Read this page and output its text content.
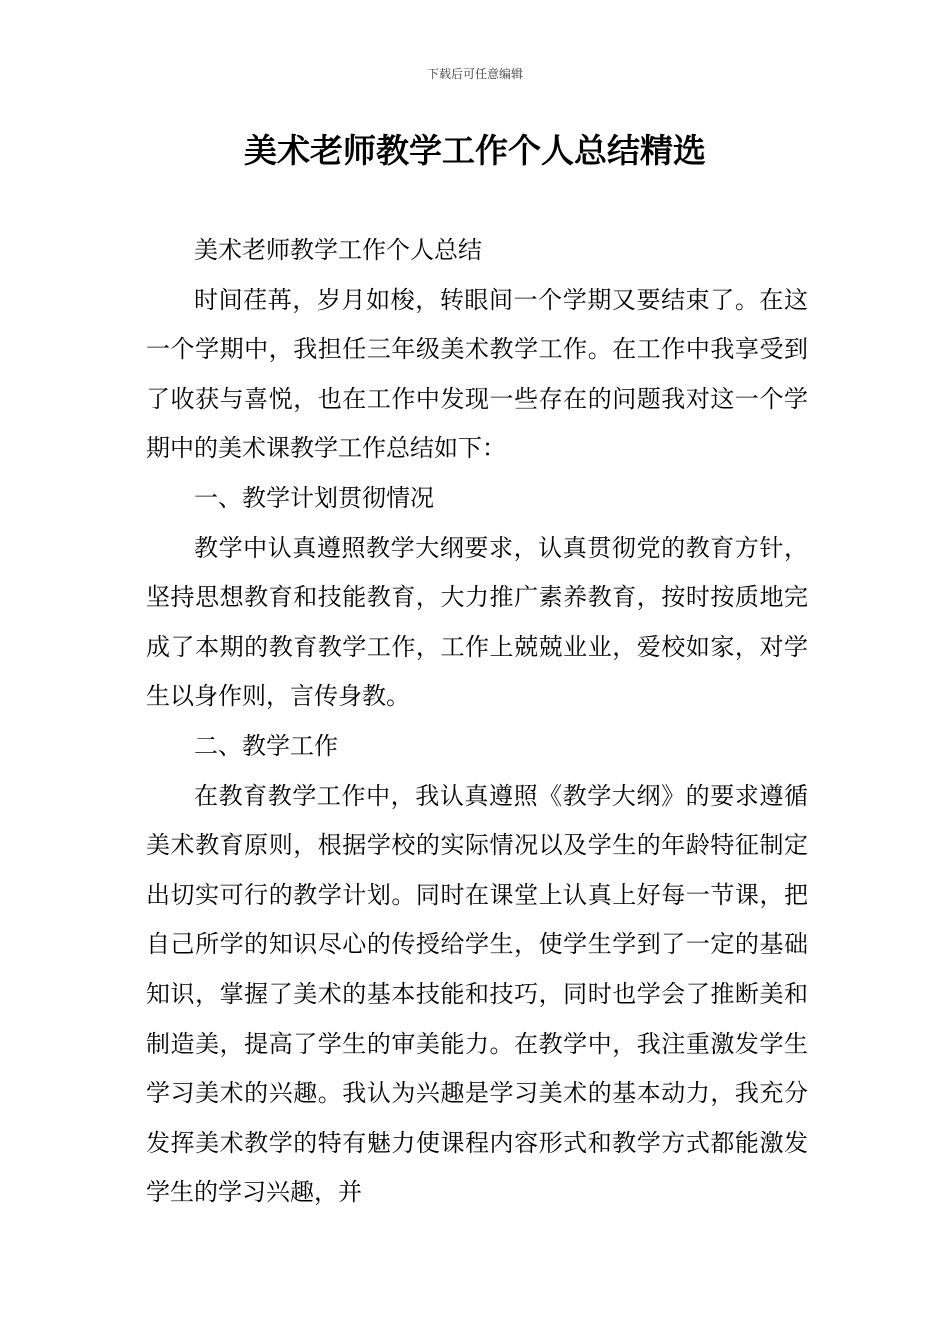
下载后可任意编辑
美术老师教学工作个人总结精选

美术老师教学工作个人总结

时间荏苒，岁月如梭，转眼间一个学期又要结束了。在这一个学期中，我担任三年级美术教学工作。在工作中我享受到了收获与喜悦，也在工作中发现一些存在的问题我对这一个学期中的美术课教学工作总结如下：

一、教学计划贯彻情况

教学中认真遵照教学大纲要求，认真贯彻党的教育方针，坚持思想教育和技能教育，大力推广素养教育，按时按质地完成了本期的教育教学工作，工作上兢兢业业，爱校如家，对学生以身作则，言传身教。

二、教学工作

在教育教学工作中，我认真遵照《教学大纲》的要求遵循美术教育原则，根据学校的实际情况以及学生的年龄特征制定出切实可行的教学计划。同时在课堂上认真上好每一节课，把自己所学的知识尽心的传授给学生，使学生学到了一定的基础知识，掌握了美术的基本技能和技巧，同时也学会了推断美和制造美，提高了学生的审美能力。在教学中，我注重激发学生学习美术的兴趣。我认为兴趣是学习美术的基本动力，我充分发挥美术教学的特有魅力使课程内容形式和教学方式都能激发学生的学习兴趣，并
